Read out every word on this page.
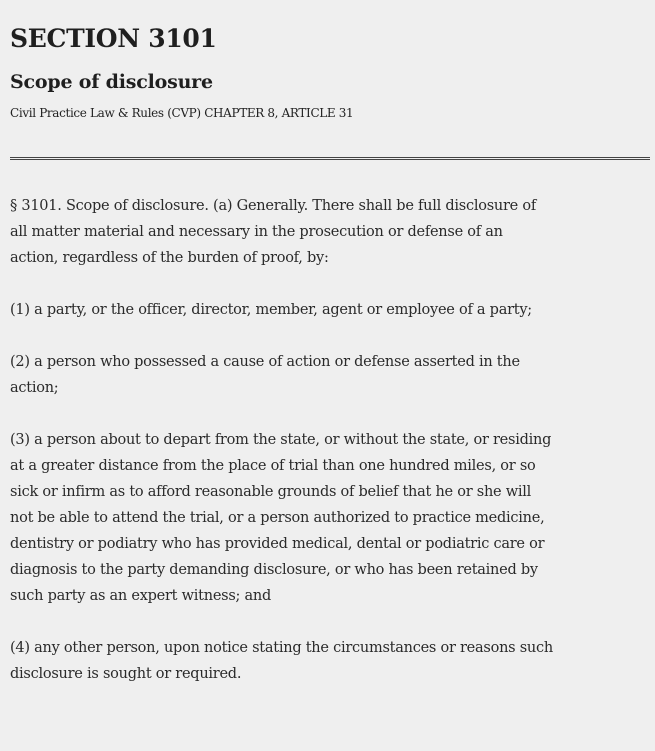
SECTION 3101
Scope of disclosure

Civil Practice Law & Rules (CVP) CHAPTER 8, ARTICLE 31

§ 3101. Scope of disclosure. (a) Generally. There shall be full disclosure of all matter material and necessary in the prosecution or defense of an action, regardless of the burden of proof, by:

(1) a party, or the officer, director, member, agent or employee of a party;

(2) a person who possessed a cause of action or defense asserted in the action;

(3) a person about to depart from the state, or without the state, or residing at a greater distance from the place of trial than one hundred miles, or so sick or infirm as to afford reasonable grounds of belief that he or she will not be able to attend the trial, or a person authorized to practice medicine, dentistry or podiatry who has provided medical, dental or podiatric care or diagnosis to the party demanding disclosure, or who has been retained by such party as an expert witness; and

(4) any other person, upon notice stating the circumstances or reasons such disclosure is sought or required.
